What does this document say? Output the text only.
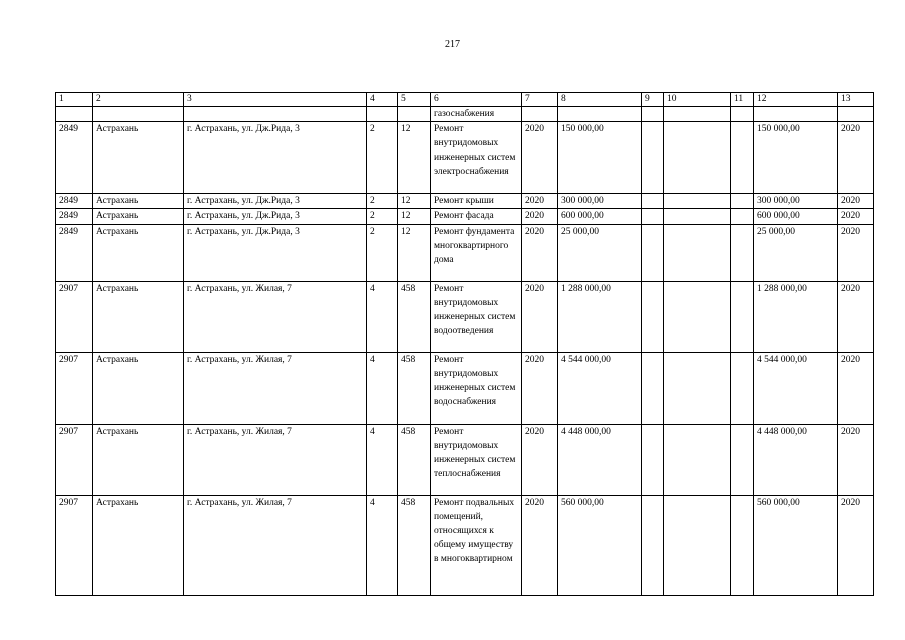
217
1	2	3	4	5	6	7	8	9	10	11	12	13
					газоснабжения							
2849	Астрахань	г. Астрахань, ул. Дж.Рида, 3	2	12	Ремонт внутридомовых инженерных систем электроснабжения	2020	150 000,00				150 000,00	2020
2849	Астрахань	г. Астрахань, ул. Дж.Рида, 3	2	12	Ремонт крыши	2020	300 000,00				300 000,00	2020
2849	Астрахань	г. Астрахань, ул. Дж.Рида, 3	2	12	Ремонт фасада	2020	600 000,00				600 000,00	2020
2849	Астрахань	г. Астрахань, ул. Дж.Рида, 3	2	12	Ремонт фундамента многоквартирного дома	2020	25 000,00				25 000,00	2020
2907	Астрахань	г. Астрахань, ул. Жилая, 7	4	458	Ремонт внутридомовых инженерных систем водоотведения	2020	1 288 000,00				1 288 000,00	2020
2907	Астрахань	г. Астрахань, ул. Жилая, 7	4	458	Ремонт внутридомовых инженерных систем водоснабжения	2020	4 544 000,00				4 544 000,00	2020
2907	Астрахань	г. Астрахань, ул. Жилая, 7	4	458	Ремонт внутридомовых инженерных систем теплоснабжения	2020	4 448 000,00				4 448 000,00	2020
2907	Астрахань	г. Астрахань, ул. Жилая, 7	4	458	Ремонт подвальных помещений, относящихся к общему имуществу в многоквартирном	2020	560 000,00				560 000,00	2020
